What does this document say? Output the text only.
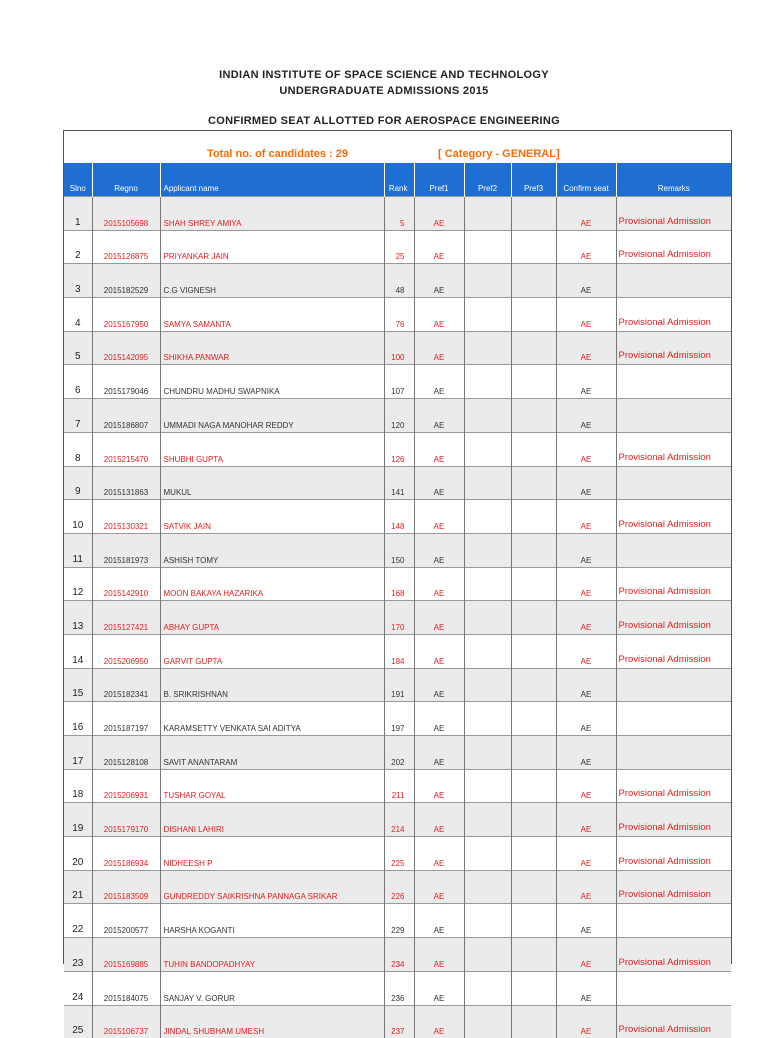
INDIAN INSTITUTE OF SPACE SCIENCE AND TECHNOLOGY
UNDERGRADUATE ADMISSIONS 2015
CONFIRMED SEAT ALLOTTED FOR AEROSPACE ENGINEERING
Total no. of candidates : 29	[ Category - GENERAL]
Slno	Regno	Applicant name	Rank	Pref1	Pref2	Pref3	Confirm seat	Remarks
1	2015105698	SHAH SHREY AMIYA	5	AE			AE	Provisional Admission
2	2015128875	PRIYANKAR JAIN	25	AE			AE	Provisional Admission
3	2015182529	C.G VIGNESH	48	AE			AE	
4	2015167950	SAMYA SAMANTA	76	AE			AE	Provisional Admission
5	2015142095	SHIKHA PANWAR	100	AE			AE	Provisional Admission
6	2015179046	CHUNDRU MADHU SWAPNIKA	107	AE			AE	
7	2015186807	UMMADI NAGA MANOHAR REDDY	120	AE			AE	
8	2015215470	SHUBHI GUPTA	126	AE			AE	Provisional Admission
9	2015131863	MUKUL	141	AE			AE	
10	2015130321	SATVIK JAIN	148	AE			AE	Provisional Admission
11	2015181973	ASHISH TOMY	150	AE			AE	
12	2015142910	MOON BAKAYA HAZARIKA	168	AE			AE	Provisional Admission
13	2015127421	ABHAY GUPTA	170	AE			AE	Provisional Admission
14	2015206950	GARVIT GUPTA	184	AE			AE	Provisional Admission
15	2015182341	B. SRIKRISHNAN	191	AE			AE	
16	2015187197	KARAMSETTY VENKATA SAI ADITYA	197	AE			AE	
17	2015128108	SAVIT ANANTARAM	202	AE			AE	
18	2015206931	TUSHAR GOYAL	211	AE			AE	Provisional Admission
19	2015179170	DISHANI LAHIRI	214	AE			AE	Provisional Admission
20	2015186934	NIDHEESH P	225	AE			AE	Provisional Admission
21	2015183509	GUNDREDDY SAIKRISHNA PANNAGA SRIKAR	226	AE			AE	Provisional Admission
22	2015200577	HARSHA KOGANTI	229	AE			AE	
23	2015169885	TUHIN BANDOPADHYAY	234	AE			AE	Provisional Admission
24	2015184075	SANJAY V. GORUR	236	AE			AE	
25	2015106737	JINDAL SHUBHAM UMESH	237	AE			AE	Provisional Admission
